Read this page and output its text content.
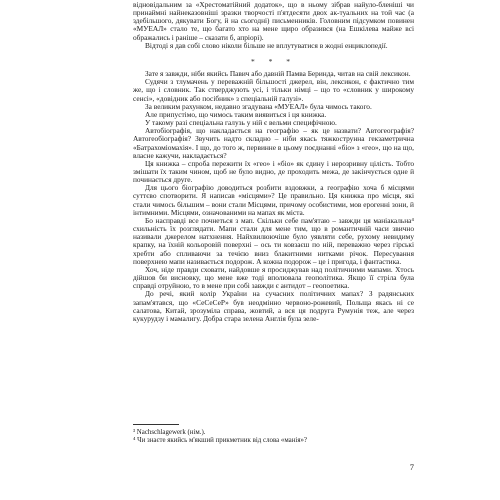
відновідальним за «Хрестоматійний додаток», що в ньому зібрав найуло-бленіші чи принаймні найнеказовніші зразки творчості п'ятдесяти двох ак-туальних на той час (а здебільшого, дякувати Богу, й на сьогодні) письменників. Головним підсумком повинен «МУЕАЛ» стало те, що багато хто на мене щиро образився (на Ешкілева майже всі ображались і раніше – сказати б, апріорі).

Відтоді я дав собі слово ніколи більше не вплутуватися в жодні енциклопедії.

* * *

Зате я завжди, ніби якийсь Павич або давній Памва Беринда, читав на свій лексикон.

Судячи з тлумачень у переважній більшості джерел, він, лексикон, є фактично тим же, що і словник. Так стверджують усі, і тільки німці – що то «словник у широкому сенсі», «довідник або посібник» з спеціальній галузі».

За великим рахунком, недавно згадувана «МУЕАЛ» була чимось такого.

Але припустімо, що чимось таким виявиться і ця книжка.

У такому разі спеціальна галузь у ній є вельми специфічною.

Автобіографія, що накладається на географію – як це назвати? Автогеографія? Автогеобіографія? Звучить надто складно – ніби якась тяжкострунна гекзаметрична «Батрахоміомахія». І що, до того ж, первинне в цьому поєднанні «біо» з «гео», що на що, власне кажучи, накладається?

Ця книжка – спроба пережити їх «гео» і «біо» як єдину і нерозривну цілість. Тобто змішати їх таким чином, щоб не було видно, де проходить межа, де закінчується одне й починається друге.

Для цього біографію доводиться розбити вздовжки, а географію хоча б місцями суттєво спотворити. Я написав «місцями»? Це правильно. Ця книжка про місця, які стали чимось більшим – вони стали Місцями, причому особистими, мов ерогенні зони, й інтимними. Місцями, означованими на мапах як міста.

Бо насправді все почнеться з мап. Скільки себе пам'ятаю – завжди ця маніакальна⁴ схильність їх розглядати. Мапи стали для мене тим, що в романтичній часи звично називали джерелом натхнення. Найхвилюючіше було уявляти себе, рухому невидиму крапку, на їхній кольоровій поверхні – ось ти ковзаєш по ній, переважно через гірські хребти або спливаючи за течією вниз блакитними нитками річок. Пересування поверхнею мапи називається подорож. А кожна подорож – це і пригода, і фантастика.

Хоч, ніде правди сховати, найдовше я просиджував над політичними мапами. Хтось дійшов би висновку, що мене вже тоді вполювала геополітика. Якщо її стріла була справді отруйною, то в мене при собі завжди є антидот – геопоетика.

До речі, який колір України на сучасних політичних мапах? З радянських запам'ятався, що «СеСеСеР» був неодмінно червоно-рожевий, Польща якась ні се салатова, Китай, зрозуміла справа, жовтий, а вся ця подруга Румунія теж, але через кукурудзу і мамалигу. Добра стара зелена Англія була зеле-

³ Nachschlagewerk (нім.).

⁴ Чи знаєте якийсь м'якший прикметник від слова «манія»?

7
